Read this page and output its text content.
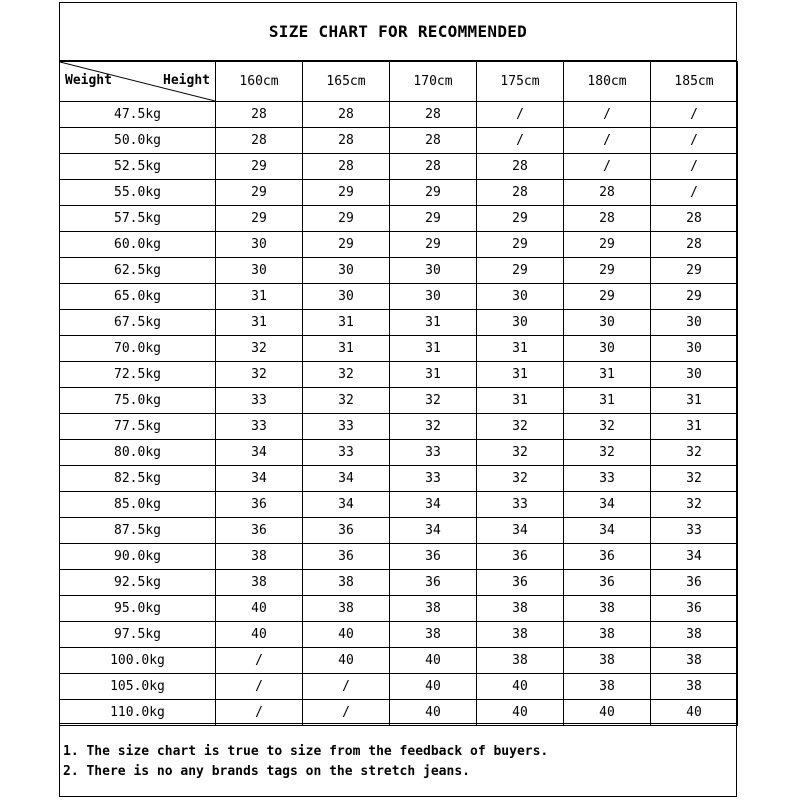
SIZE CHART FOR RECOMMENDED
Weight Height	160cm	165cm	170cm	175cm	180cm	185cm
47.5kg	28	28	28	/	/	/
50.0kg	28	28	28	/	/	/
52.5kg	29	28	28	28	/	/
55.0kg	29	29	29	28	28	/
57.5kg	29	29	29	29	28	28
60.0kg	30	29	29	29	29	28
62.5kg	30	30	30	29	29	29
65.0kg	31	30	30	30	29	29
67.5kg	31	31	31	30	30	30
70.0kg	32	31	31	31	30	30
72.5kg	32	32	31	31	31	30
75.0kg	33	32	32	31	31	31
77.5kg	33	33	32	32	32	31
80.0kg	34	33	33	32	32	32
82.5kg	34	34	33	32	33	32
85.0kg	36	34	34	33	34	32
87.5kg	36	36	34	34	34	33
90.0kg	38	36	36	36	36	34
92.5kg	38	38	36	36	36	36
95.0kg	40	38	38	38	38	36
97.5kg	40	40	38	38	38	38
100.0kg	/	40	40	38	38	38
105.0kg	/	/	40	40	38	38
110.0kg	/	/	40	40	40	40
1. The size chart is true to size from the feedback of buyers.
2. There is no any brands tags on the stretch jeans.
